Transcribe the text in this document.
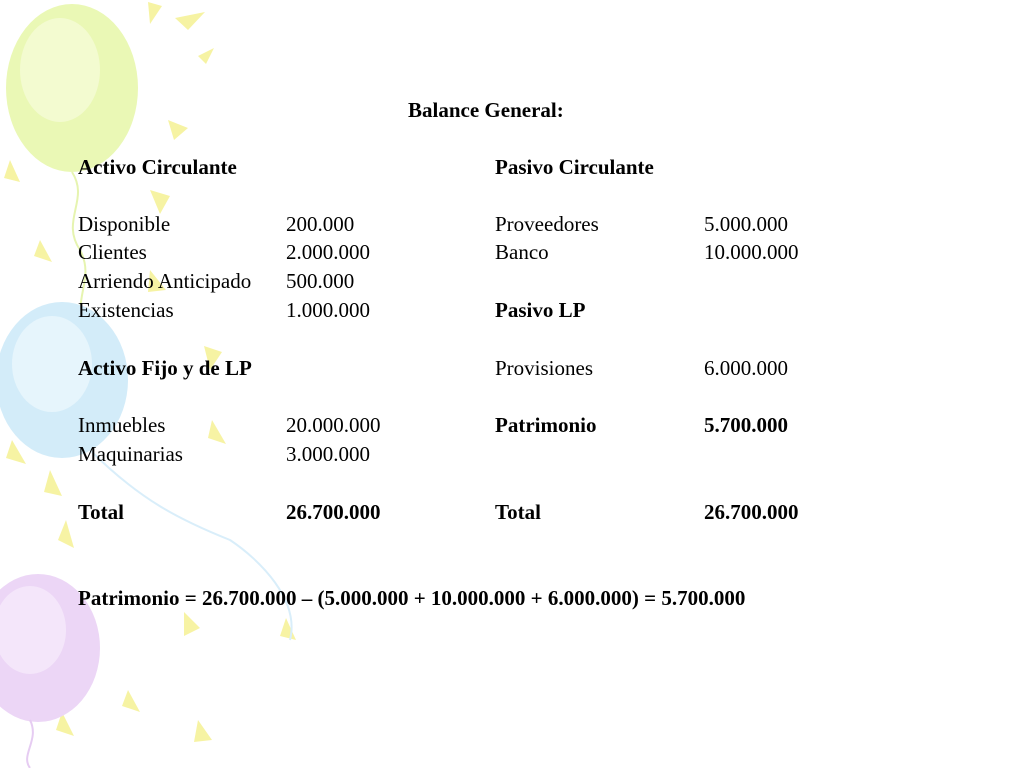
Balance General:
Activo Circulante
Disponible	200.000
Clientes	2.000.000
Arriendo Anticipado 500.000
Existencias	1.000.000
Activo Fijo y de LP
Inmuebles	20.000.000
Maquinarias	3.000.000
Total	26.700.000
Pasivo Circulante
Proveedores	5.000.000
Banco	10.000.000
Pasivo LP
Provisiones	6.000.000
Patrimonio	5.700.000
Total	26.700.000
Patrimonio = 26.700.000 – (5.000.000 + 10.000.000 + 6.000.000) = 5.700.000
